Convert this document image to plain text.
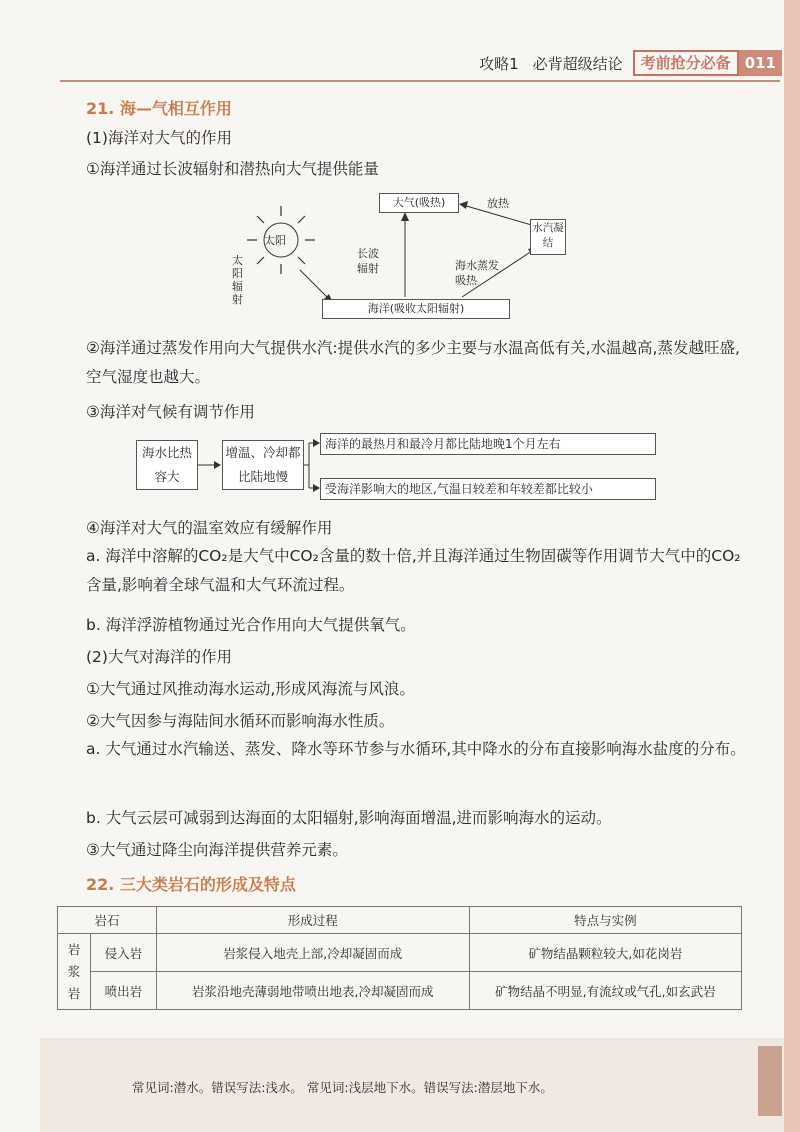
攻略1 必背超级结论	考前抢分必备 011
21. 海—气相互作用
(1)海洋对大气的作用
①海洋通过长波辐射和潜热向大气提供能量
太阳
太阳辐射
大气(吸热)	放热
水汽凝结
长波辐射	海水蒸发吸热
海洋(吸收太阳辐射)
②海洋通过蒸发作用向大气提供水汽:提供水汽的多少主要与水温高低有关,水温越高,蒸发越旺盛,空气湿度也越大。
③海洋对气候有调节作用
海水比热容大
增温、冷却都比陆地慢
海洋的最热月和最冷月都比陆地晚1个月左右
受海洋影响大的地区,气温日较差和年较差都比较小
④海洋对大气的温室效应有缓解作用
a. 海洋中溶解的CO₂是大气中CO₂含量的数十倍,并且海洋通过生物固碳等作用调节大气中的CO₂含量,影响着全球气温和大气环流过程。
b. 海洋浮游植物通过光合作用向大气提供氧气。
(2)大气对海洋的作用
①大气通过风推动海水运动,形成风海流与风浪。
②大气因参与海陆间水循环而影响海水性质。
a. 大气通过水汽输送、蒸发、降水等环节参与水循环,其中降水的分布直接影响海水盐度的分布。
b. 大气云层可减弱到达海面的太阳辐射,影响海面增温,进而影响海水的运动。
③大气通过降尘向海洋提供营养元素。
22. 三大类岩石的形成及特点
岩石		形成过程	特点与实例
岩浆岩	侵入岩	岩浆侵入地壳上部,冷却凝固而成	矿物结晶颗粒较大,如花岗岩
	喷出岩	岩浆沿地壳薄弱地带喷出地表,冷却凝固而成	矿物结晶不明显,有流纹或气孔,如玄武岩
常见词:潜水。错误写法:浅水。 常见词:浅层地下水。错误写法:潜层地下水。
